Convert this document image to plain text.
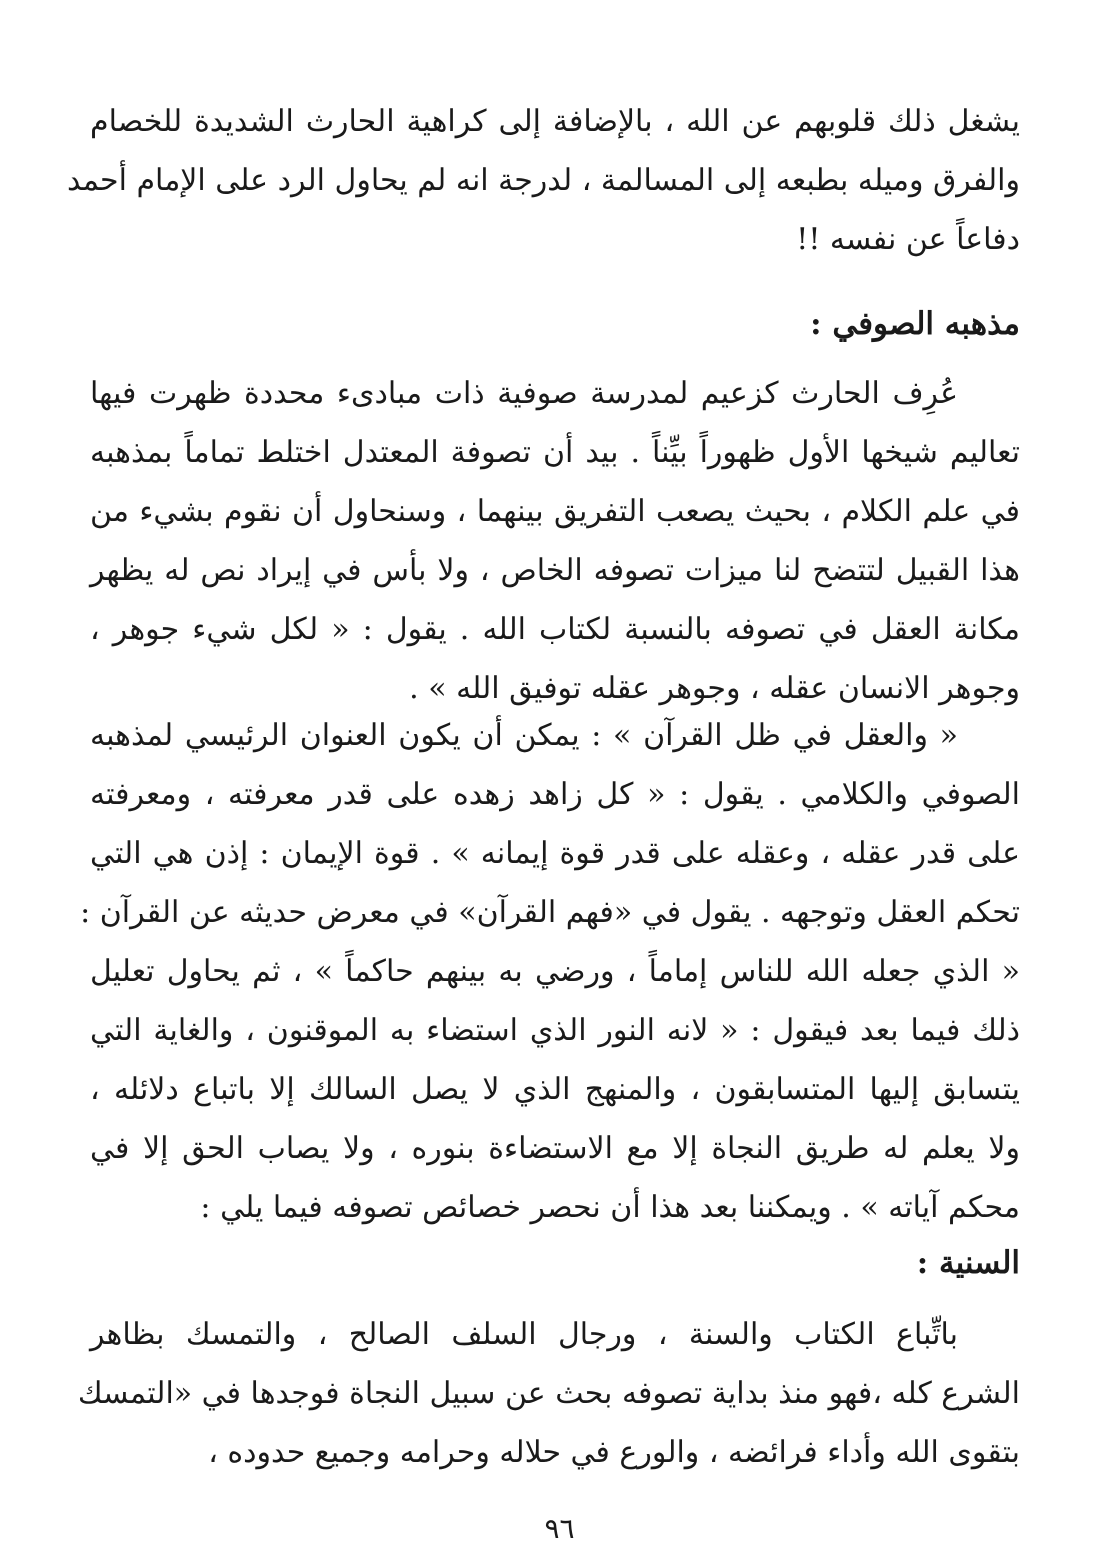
يشغل ذلك قلوبهم عن الله ، بالإضافة إلى كراهية الحارث الشديدة للخصام
والفرق وميله بطبعه إلى المسالمة ، لدرجة انه لم يحاول الرد على الإمام أحمد
دفاعاً عن نفسه !!
مذهبه الصوفي :
عُرِف الحارث كزعيم لمدرسة صوفية ذات مبادىء محددة ظهرت فيها
تعاليم شيخها الأول ظهوراً بيِّناً . بيد أن تصوفة المعتدل اختلط تماماً بمذهبه
في علم الكلام ، بحيث يصعب التفريق بينهما ، وسنحاول أن نقوم بشيء من
هذا القبيل لتتضح لنا ميزات تصوفه الخاص ، ولا بأس في إيراد نص له يظهر
مكانة العقل في تصوفه بالنسبة لكتاب الله . يقول : « لكل شيء جوهر ،
وجوهر الانسان عقله ، وجوهر عقله توفيق الله » .
« والعقل في ظل القرآن » : يمكن أن يكون العنوان الرئيسي لمذهبه
الصوفي والكلامي . يقول : « كل زاهد زهده على قدر معرفته ، ومعرفته
على قدر عقله ، وعقله على قدر قوة إيمانه » . قوة الإيمان : إذن هي التي
تحكم العقل وتوجهه . يقول في «فهم القرآن» في معرض حديثه عن القرآن :
« الذي جعله الله للناس إماماً ، ورضي به بينهم حاكماً » ، ثم يحاول تعليل
ذلك فيما بعد فيقول : « لانه النور الذي استضاء به الموقنون ، والغاية التي
يتسابق إليها المتسابقون ، والمنهج الذي لا يصل السالك إلا باتباع دلائله ،
ولا يعلم له طريق النجاة إلا مع الاستضاءة بنوره ، ولا يصاب الحق إلا في
محكم آياته » . ويمكننا بعد هذا أن نحصر خصائص تصوفه فيما يلي :
السنية :
باتِّباع الكتاب والسنة ، ورجال السلف الصالح ، والتمسك بظاهر
الشرع كله ،فهو منذ بداية تصوفه بحث عن سبيل النجاة فوجدها في «التمسك
بتقوى الله وأداء فرائضه ، والورع في حلاله وحرامه وجميع حدوده ،
٩٦
